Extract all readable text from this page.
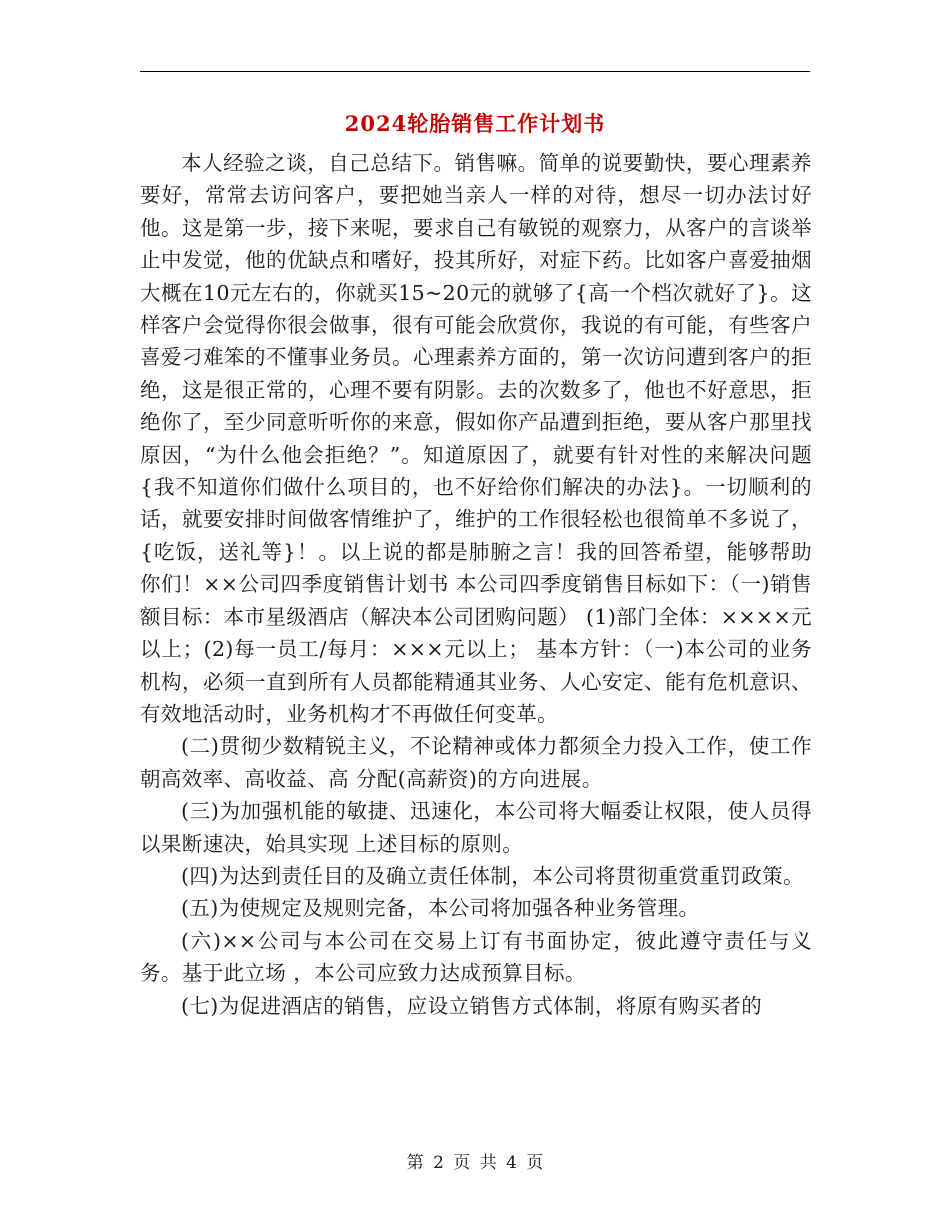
2024轮胎销售工作计划书

本人经验之谈，自己总结下。销售嘛。简单的说要勤快，要心理素养要好，常常去访问客户，要把她当亲人一样的对待，想尽一切办法讨好他。这是第一步，接下来呢，要求自己有敏锐的观察力，从客户的言谈举止中发觉，他的优缺点和嗜好，投其所好，对症下药。比如客户喜爱抽烟大概在10元左右的，你就买15~20元的就够了{高一个档次就好了}。这样客户会觉得你很会做事，很有可能会欣赏你，我说的有可能，有些客户喜爱刁难笨的不懂事业务员。心理素养方面的，第一次访问遭到客户的拒绝，这是很正常的，心理不要有阴影。去的次数多了，他也不好意思，拒绝你了，至少同意听听你的来意，假如你产品遭到拒绝，要从客户那里找原因，“为什么他会拒绝？”。知道原因了，就要有针对性的来解决问题{我不知道你们做什么项目的，也不好给你们解决的办法}。一切顺利的话，就要安排时间做客情维护了，维护的工作很轻松也很简单不多说了，{吃饭，送礼等}！。以上说的都是肺腑之言！我的回答希望，能够帮助你们！××公司四季度销售计划书 本公司四季度销售目标如下：（一)销售额目标：本市星级酒店（解决本公司团购问题） (1)部门全体：××××元以上；(2)每一员工/每月：×××元以上； 基本方针：（一)本公司的业务机构，必须一直到所有人员都能精通其业务、人心安定、能有危机意识、 有效地活动时，业务机构才不再做任何变革。

(二)贯彻少数精锐主义，不论精神或体力都须全力投入工作，使工作朝高效率、高收益、高 分配(高薪资)的方向进展。

(三)为加强机能的敏捷、迅速化，本公司将大幅委让权限，使人员得以果断速决，始具实现 上述目标的原则。

(四)为达到责任目的及确立责任体制，本公司将贯彻重赏重罚政策。

(五)为使规定及规则完备，本公司将加强各种业务管理。

(六)××公司与本公司在交易上订有书面协定，彼此遵守责任与义务。基于此立场 ，本公司应致力达成预算目标。

(七)为促进酒店的销售，应设立销售方式体制，将原有购买者的

第 2 页 共 4 页
